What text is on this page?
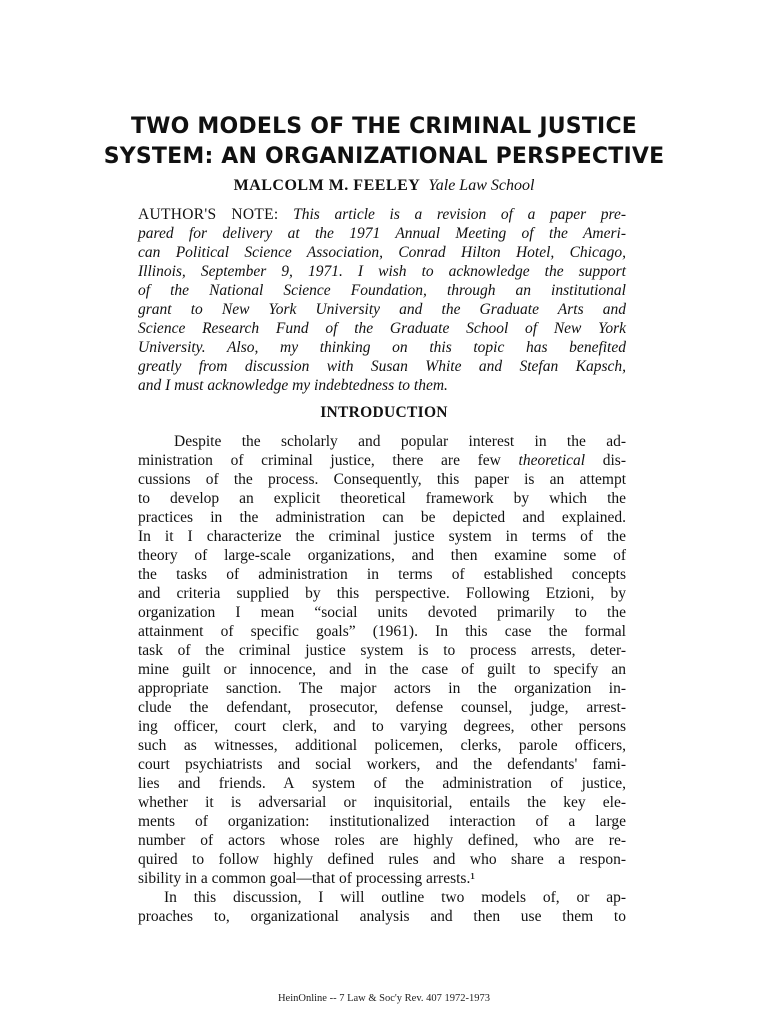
TWO MODELS OF THE CRIMINAL JUSTICE
SYSTEM: AN ORGANIZATIONAL PERSPECTIVE
MALCOLM M. FEELEY Yale Law School
AUTHOR'S NOTE: This article is a revision of a paper pre-
pared for delivery at the 1971 Annual Meeting of the Ameri-
can Political Science Association, Conrad Hilton Hotel, Chicago,
Illinois, September 9, 1971. I wish to acknowledge the support
of the National Science Foundation, through an institutional
grant to New York University and the Graduate Arts and
Science Research Fund of the Graduate School of New York
University. Also, my thinking on this topic has benefited
greatly from discussion with Susan White and Stefan Kapsch,
and I must acknowledge my indebtedness to them.
INTRODUCTION
Despite the scholarly and popular interest in the ad-
ministration of criminal justice, there are few theoretical dis-
cussions of the process. Consequently, this paper is an attempt
to develop an explicit theoretical framework by which the
practices in the administration can be depicted and explained.
In it I characterize the criminal justice system in terms of the
theory of large-scale organizations, and then examine some of
the tasks of administration in terms of established concepts
and criteria supplied by this perspective. Following Etzioni, by
organization I mean “social units devoted primarily to the
attainment of specific goals” (1961). In this case the formal
task of the criminal justice system is to process arrests, deter-
mine guilt or innocence, and in the case of guilt to specify an
appropriate sanction. The major actors in the organization in-
clude the defendant, prosecutor, defense counsel, judge, arrest-
ing officer, court clerk, and to varying degrees, other persons
such as witnesses, additional policemen, clerks, parole officers,
court psychiatrists and social workers, and the defendants' fami-
lies and friends. A system of the administration of justice,
whether it is adversarial or inquisitorial, entails the key ele-
ments of organization: institutionalized interaction of a large
number of actors whose roles are highly defined, who are re-
quired to follow highly defined rules and who share a respon-
sibility in a common goal—that of processing arrests.¹
In this discussion, I will outline two models of, or ap-
proaches to, organizational analysis and then use them to
HeinOnline -- 7 Law & Soc'y Rev. 407 1972-1973
